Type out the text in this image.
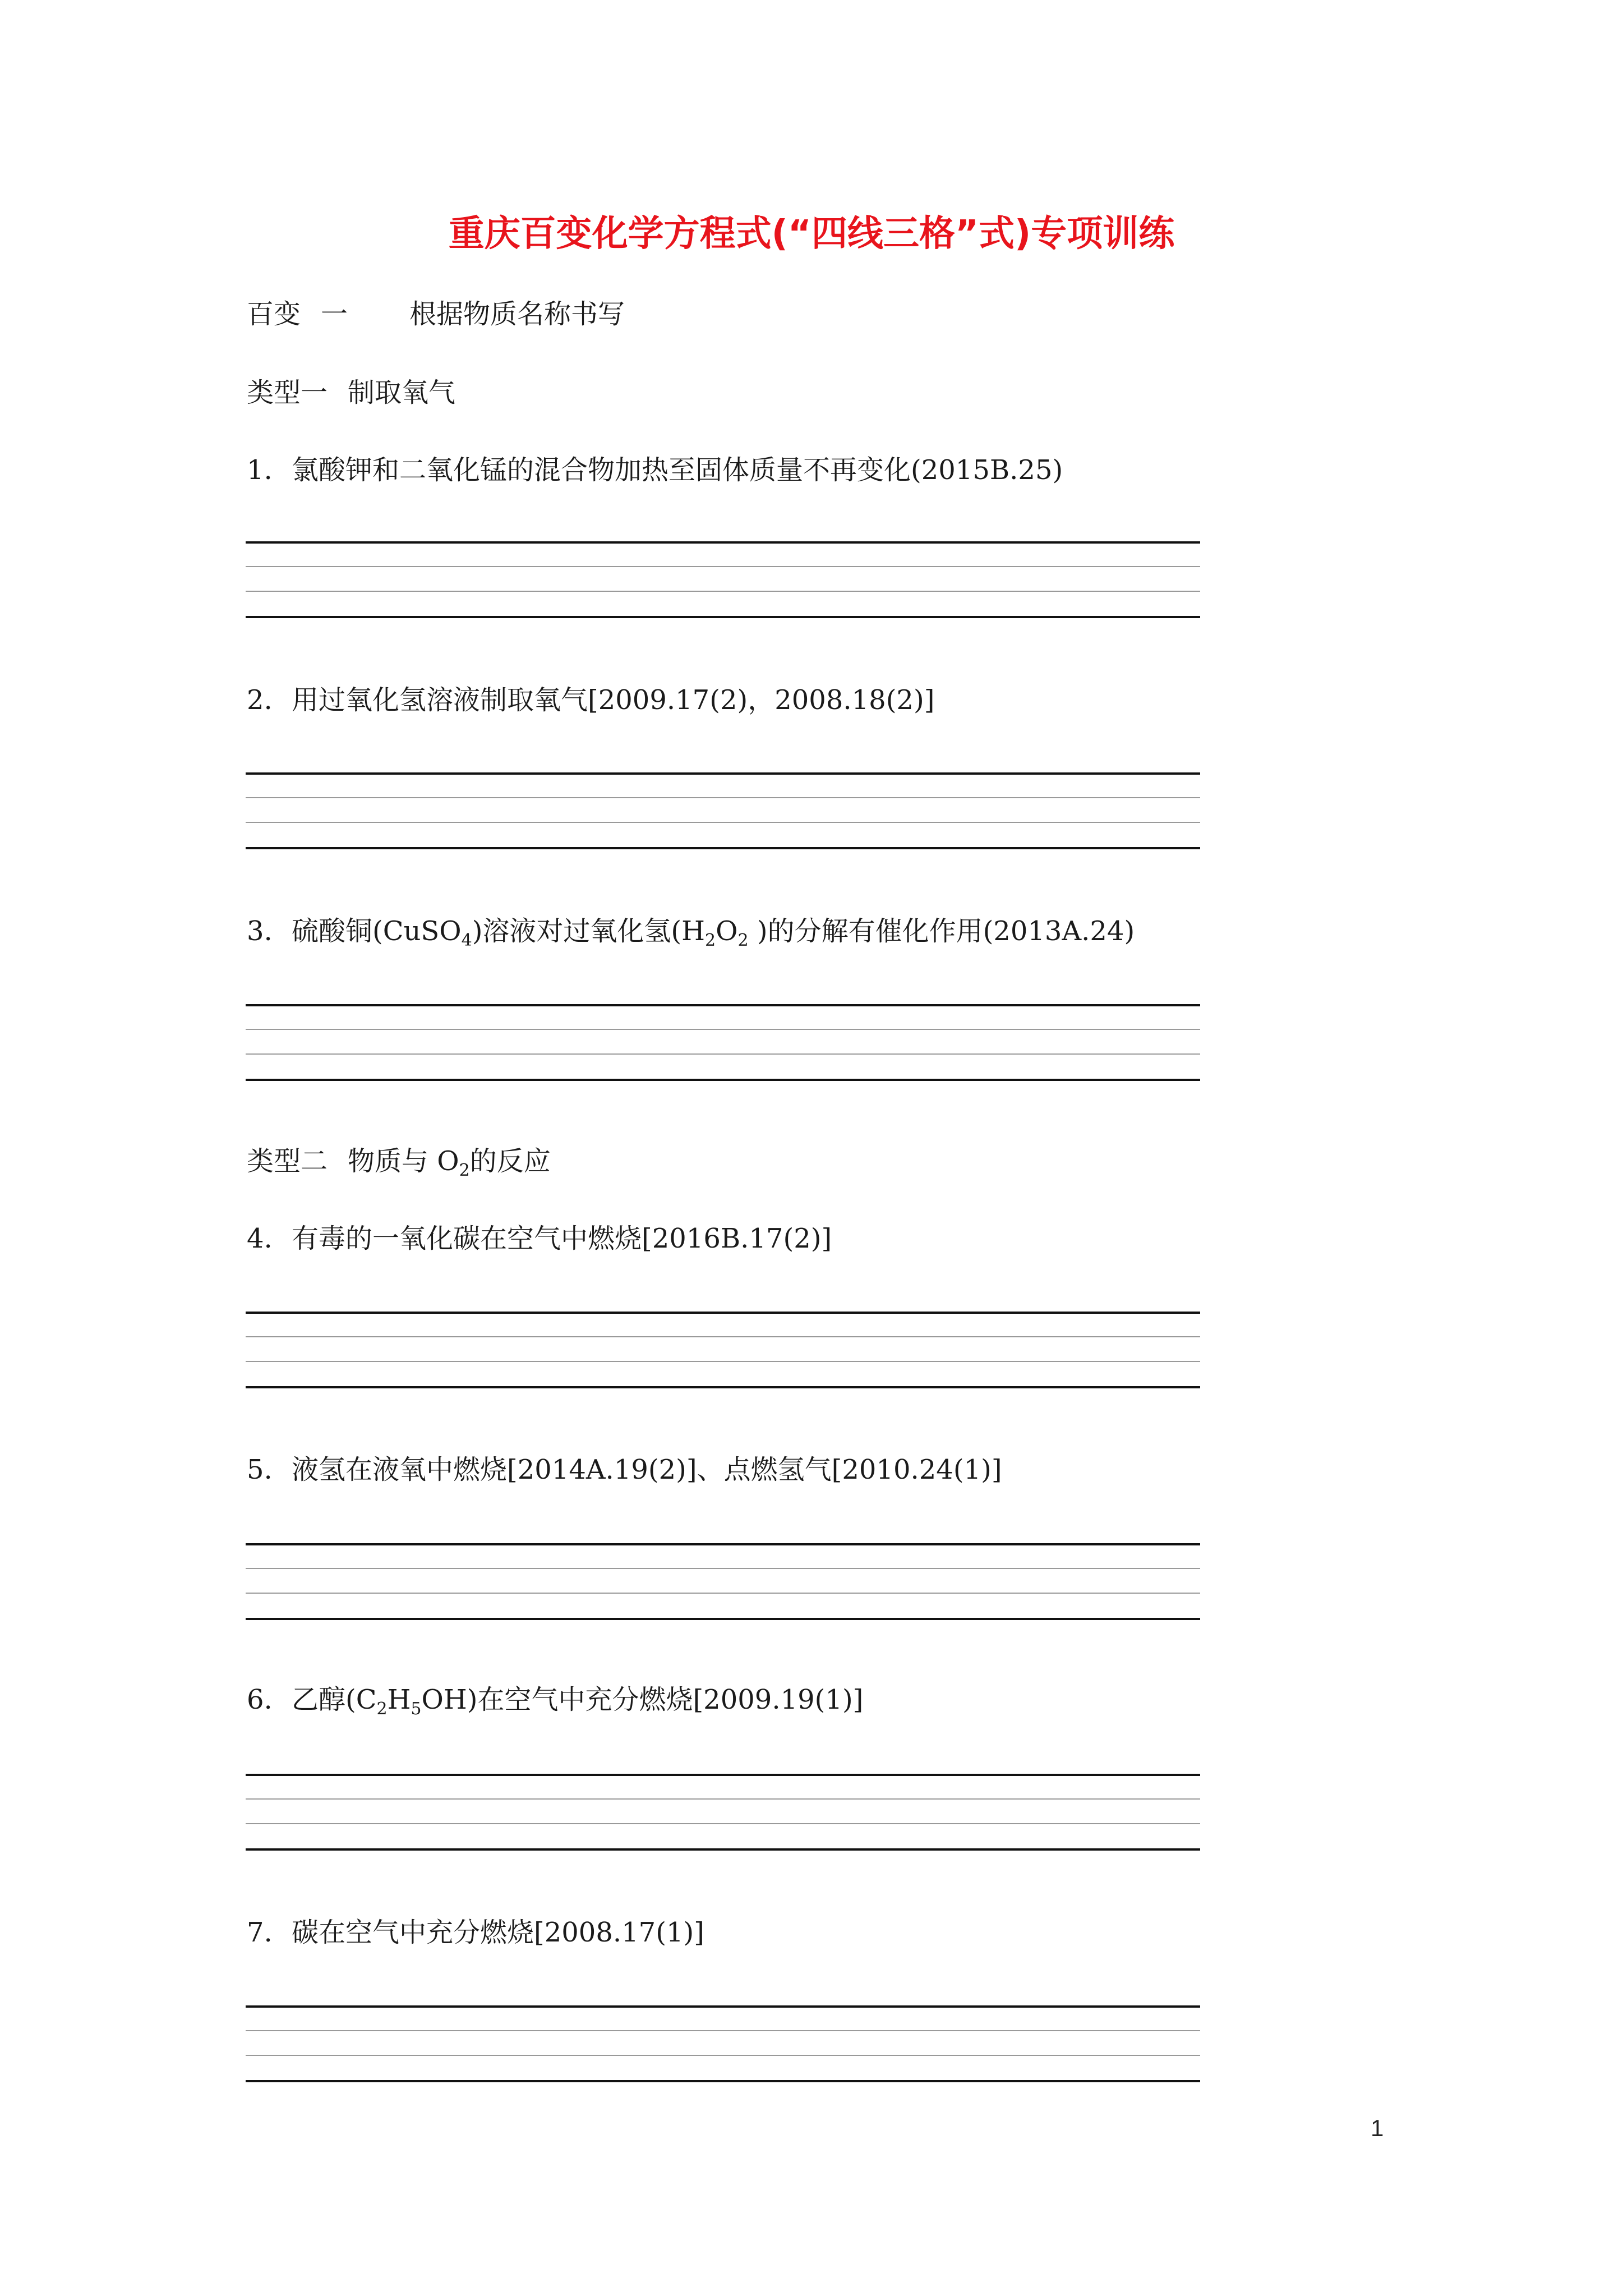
重庆百变化学方程式(“四线三格”式)专项训练
百变 一 根据物质名称书写
类型一 制取氧气
1. 氯酸钾和二氧化锰的混合物加热至固体质量不再变化(2015B.25)
2. 用过氧化氢溶液制取氧气[2009.17(2)，2008.18(2)]
3. 硫酸铜(CuSO$_4$)溶液对过氧化氢($H_2O_2$ )的分解有催化作用(2013A.24)
类型二 物质与 $O_2$的反应
4. 有毒的一氧化碳在空气中燃烧[2016B.17(2)]
5. 液氢在液氧中燃烧[2014A.19(2)]、点燃氢气[2010.24(1)]
6. 乙醇$(C_2H_5OH)$在空气中充分燃烧[2009.19(1)]
7. 碳在空气中充分燃烧[2008.17(1)]
1
